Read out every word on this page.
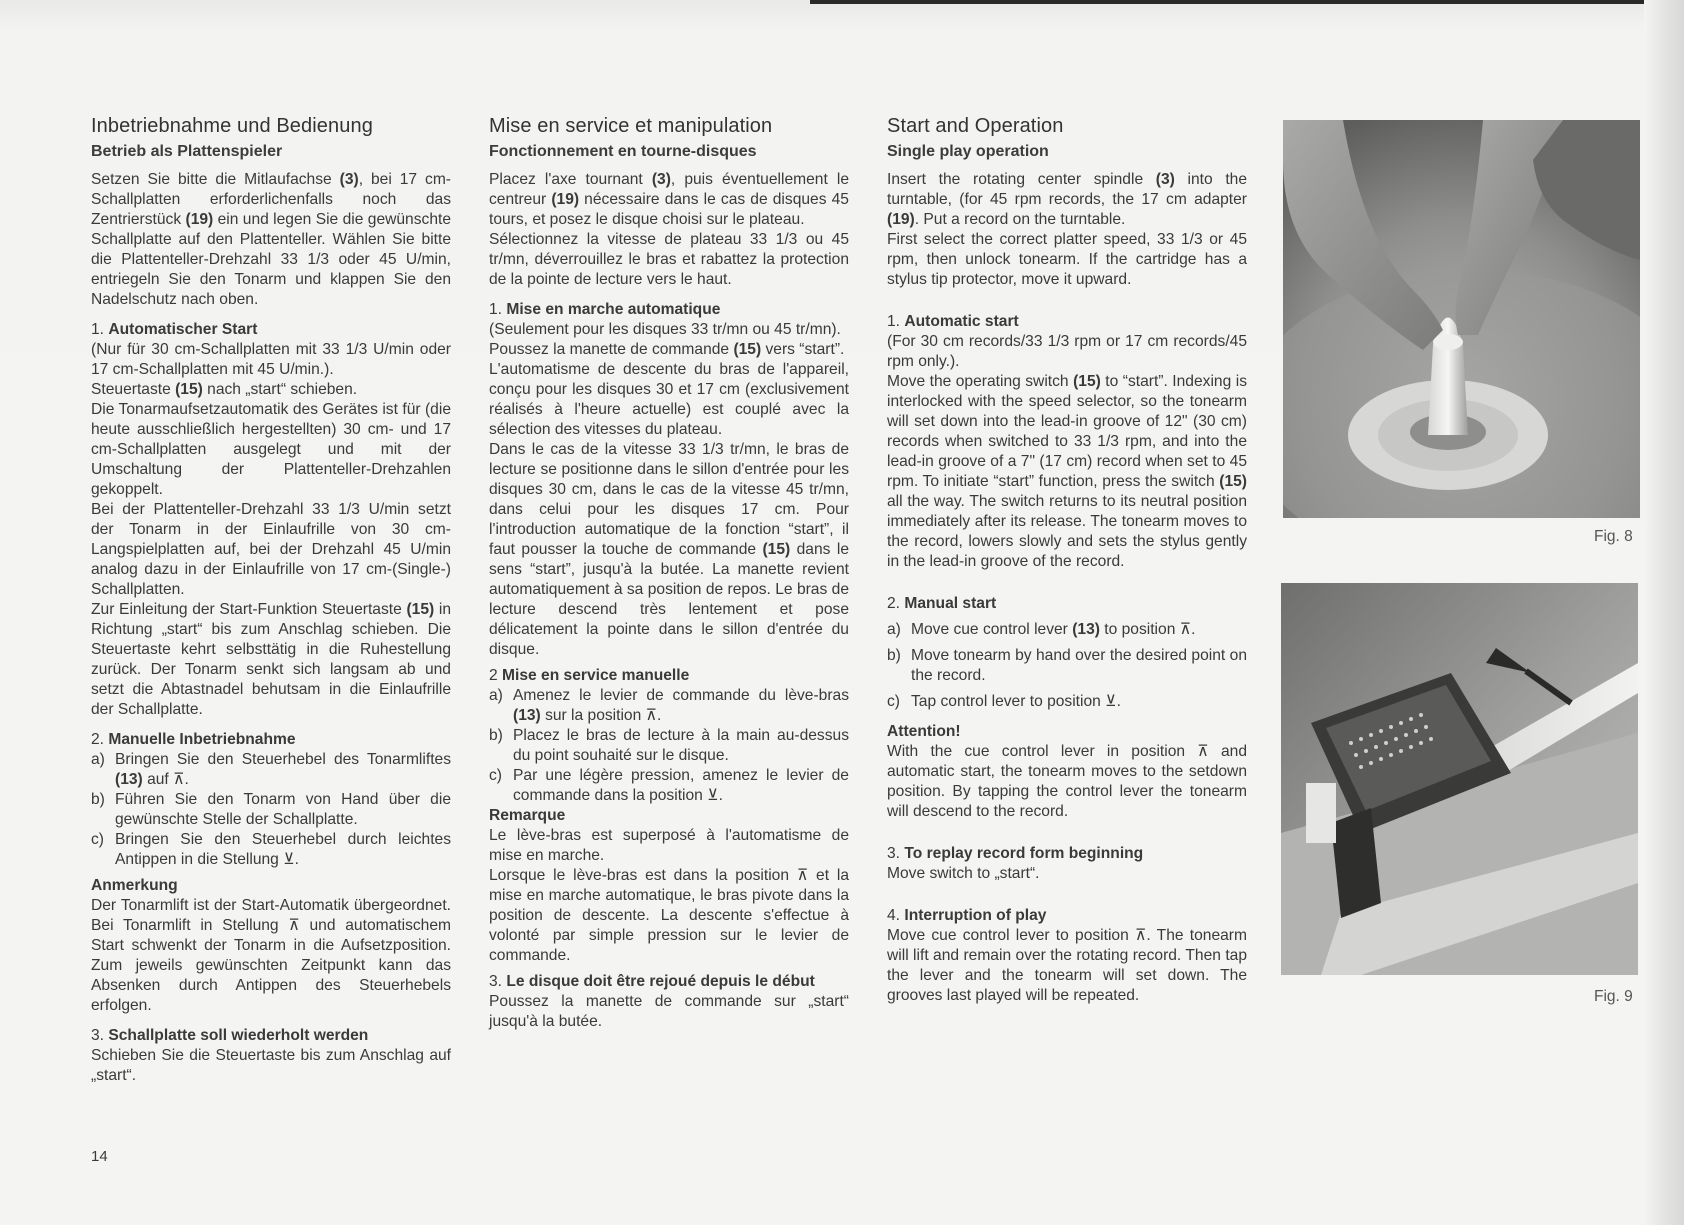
Inbetriebnahme und Bedienung
Betrieb als Plattenspieler

Setzen Sie bitte die Mitlaufachse (3), bei 17 cm-Schallplatten erforderlichenfalls noch das Zentrierstück (19) ein und legen Sie die gewünschte Schallplatte auf den Plattenteller. Wählen Sie bitte die Plattenteller-Drehzahl 33 1/3 oder 45 U/min, entriegeln Sie den Tonarm und klappen Sie den Nadelschutz nach oben.

1. Automatischer Start

(Nur für 30 cm-Schallplatten mit 33 1/3 U/min oder 17 cm-Schallplatten mit 45 U/min.).

Steuertaste (15) nach „start“ schieben.

Die Tonarmaufsetzautomatik des Gerätes ist für (die heute ausschließlich hergestellten) 30 cm- und 17 cm-Schallplatten ausgelegt und mit der Umschaltung der Plattenteller-Drehzahlen gekoppelt.

Bei der Plattenteller-Drehzahl 33 1/3 U/min setzt der Tonarm in der Einlaufrille von 30 cm-Langspielplatten auf, bei der Drehzahl 45 U/min analog dazu in der Einlaufrille von 17 cm-(Single-) Schallplatten.

Zur Einleitung der Start-Funktion Steuertaste (15) in Richtung „start“ bis zum Anschlag schieben. Die Steuertaste kehrt selbsttätig in die Ruhestellung zurück. Der Tonarm senkt sich langsam ab und setzt die Abtastnadel behutsam in die Einlaufrille der Schallplatte.

2. Manuelle Inbetriebnahme

a) Bringen Sie den Steuerhebel des Tonarmliftes (13) auf ⊼.
b) Führen Sie den Tonarm von Hand über die gewünschte Stelle der Schallplatte.
c) Bringen Sie den Steuerhebel durch leichtes Antippen in die Stellung ⊻.

Anmerkung

Der Tonarmlift ist der Start-Automatik übergeordnet. Bei Tonarmlift in Stellung ⊼ und automatischem Start schwenkt der Tonarm in die Aufsetzposition. Zum jeweils gewünschten Zeitpunkt kann das Absenken durch Antippen des Steuerhebels erfolgen.

3. Schallplatte soll wiederholt werden

Schieben Sie die Steuertaste bis zum Anschlag auf „start“.

Mise en service et manipulation
Fonctionnement en tourne-disques

Placez l'axe tournant (3), puis éventuellement le centreur (19) nécessaire dans le cas de disques 45 tours, et posez le disque choisi sur le plateau.

Sélectionnez la vitesse de plateau 33 1/3 ou 45 tr/mn, déverrouillez le bras et rabattez la protection de la pointe de lecture vers le haut.

1. Mise en marche automatique

(Seulement pour les disques 33 tr/mn ou 45 tr/mn).

Poussez la manette de commande (15) vers “start”.

L'automatisme de descente du bras de l'appareil, conçu pour les disques 30 et 17 cm (exclusivement réalisés à l'heure actuelle) est couplé avec la sélection des vitesses du plateau.

Dans le cas de la vitesse 33 1/3 tr/mn, le bras de lecture se positionne dans le sillon d'entrée pour les disques 30 cm, dans le cas de la vitesse 45 tr/mn, dans celui pour les disques 17 cm. Pour l'introduction automatique de la fonction “start”, il faut pousser la touche de commande (15) dans le sens “start”, jusqu'à la butée. La manette revient automatiquement à sa position de repos. Le bras de lecture descend très lentement et pose délicatement la pointe dans le sillon d'entrée du disque.

2 Mise en service manuelle

a) Amenez le levier de commande du lève-bras (13) sur la position ⊼.
b) Placez le bras de lecture à la main au-dessus du point souhaité sur le disque.
c) Par une légère pression, amenez le levier de commande dans la position ⊻.

Remarque

Le lève-bras est superposé à l'automatisme de mise en marche.

Lorsque le lève-bras est dans la position ⊼ et la mise en marche automatique, le bras pivote dans la position de descente. La descente s'effectue à volonté par simple pression sur le levier de commande.

3. Le disque doit être rejoué depuis le début

Poussez la manette de commande sur „start“ jusqu'à la butée.

Start and Operation
Single play operation

Insert the rotating center spindle (3) into the turntable, (for 45 rpm records, the 17 cm adapter (19). Put a record on the turntable.

First select the correct platter speed, 33 1/3 or 45 rpm, then unlock tonearm. If the cartridge has a stylus tip protector, move it upward.

1. Automatic start

(For 30 cm records/33 1/3 rpm or 17 cm records/45 rpm only.).

Move the operating switch (15) to “start”. Indexing is interlocked with the speed selector, so the tonearm will set down into the lead-in groove of 12" (30 cm) records when switched to 33 1/3 rpm, and into the lead-in groove of a 7" (17 cm) record when set to 45 rpm. To initiate “start” function, press the switch (15) all the way. The switch returns to its neutral position immediately after its release. The tonearm moves to the record, lowers slowly and sets the stylus gently in the lead-in groove of the record.

2. Manual start

a) Move cue control lever (13) to position ⊼.
b) Move tonearm by hand over the desired point on the record.
c) Tap control lever to position ⊻.

Attention!

With the cue control lever in position ⊼ and automatic start, the tonearm moves to the setdown position. By tapping the control lever the tonearm will descend to the record.

3. To replay record form beginning

Move switch to „start“.

4. Interruption of play

Move cue control lever to position ⊼. The tonearm will lift and remain over the rotating record. Then tap the lever and the tonearm will set down. The grooves last played will be repeated.

Fig. 8
Fig. 9
14
